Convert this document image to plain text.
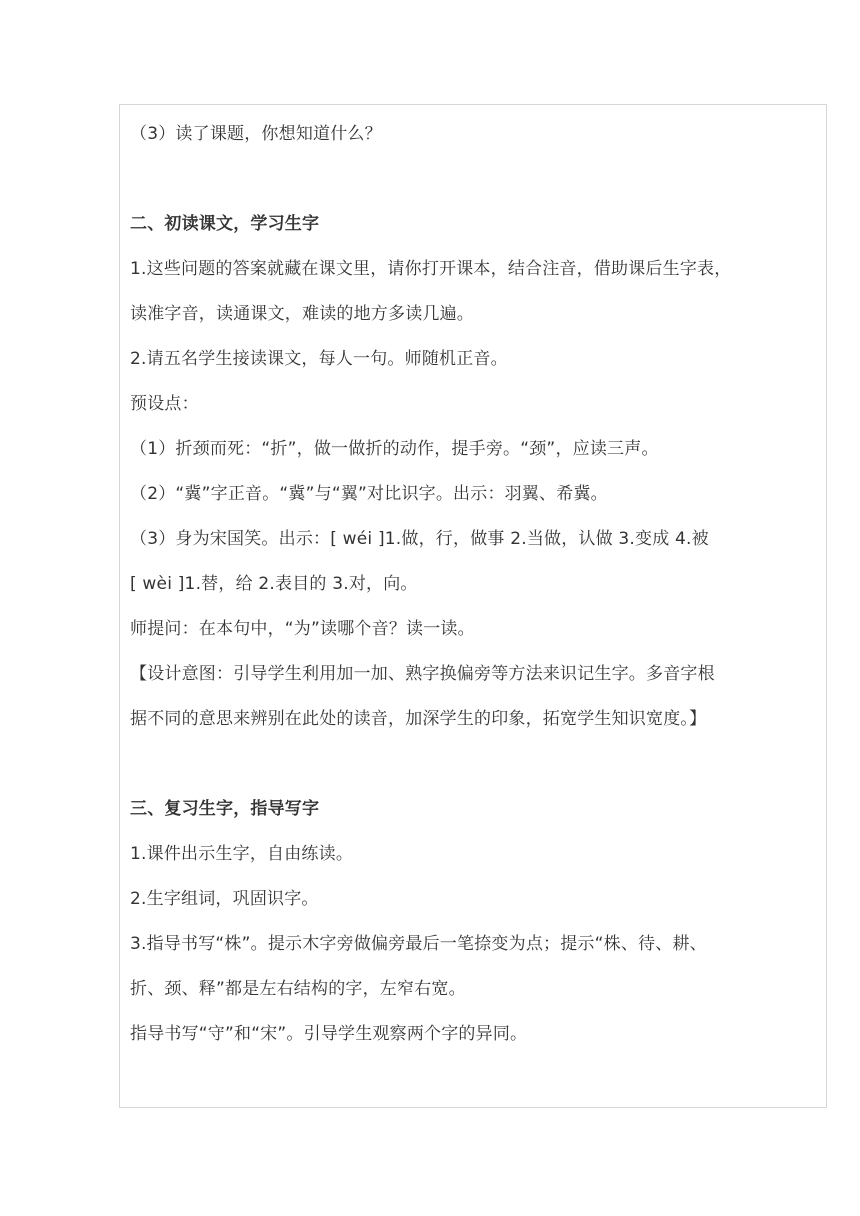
（3）读了课题，你想知道什么？
二、初读课文，学习生字
1.这些问题的答案就藏在课文里，请你打开课本，结合注音，借助课后生字表，
读准字音，读通课文，难读的地方多读几遍。
2.请五名学生接读课文，每人一句。师随机正音。
预设点：
（1）折颈而死：“折”，做一做折的动作，提手旁。“颈”，应读三声。
（2）“冀”字正音。“冀”与“翼”对比识字。出示：羽翼、希冀。
（3）身为宋国笑。出示：[ wéi ]1.做，行，做事 2.当做，认做 3.变成 4.被
[ wèi ]1.替，给 2.表目的 3.对，向。
师提问：在本句中，“为”读哪个音？读一读。
【设计意图：引导学生利用加一加、熟字换偏旁等方法来识记生字。多音字根
据不同的意思来辨别在此处的读音，加深学生的印象，拓宽学生知识宽度。】
三、复习生字，指导写字
1.课件出示生字，自由练读。
2.生字组词，巩固识字。
3.指导书写“株”。提示木字旁做偏旁最后一笔捺变为点；提示“株、待、耕、
折、颈、释”都是左右结构的字，左窄右宽。
指导书写“守”和“宋”。引导学生观察两个字的异同。
